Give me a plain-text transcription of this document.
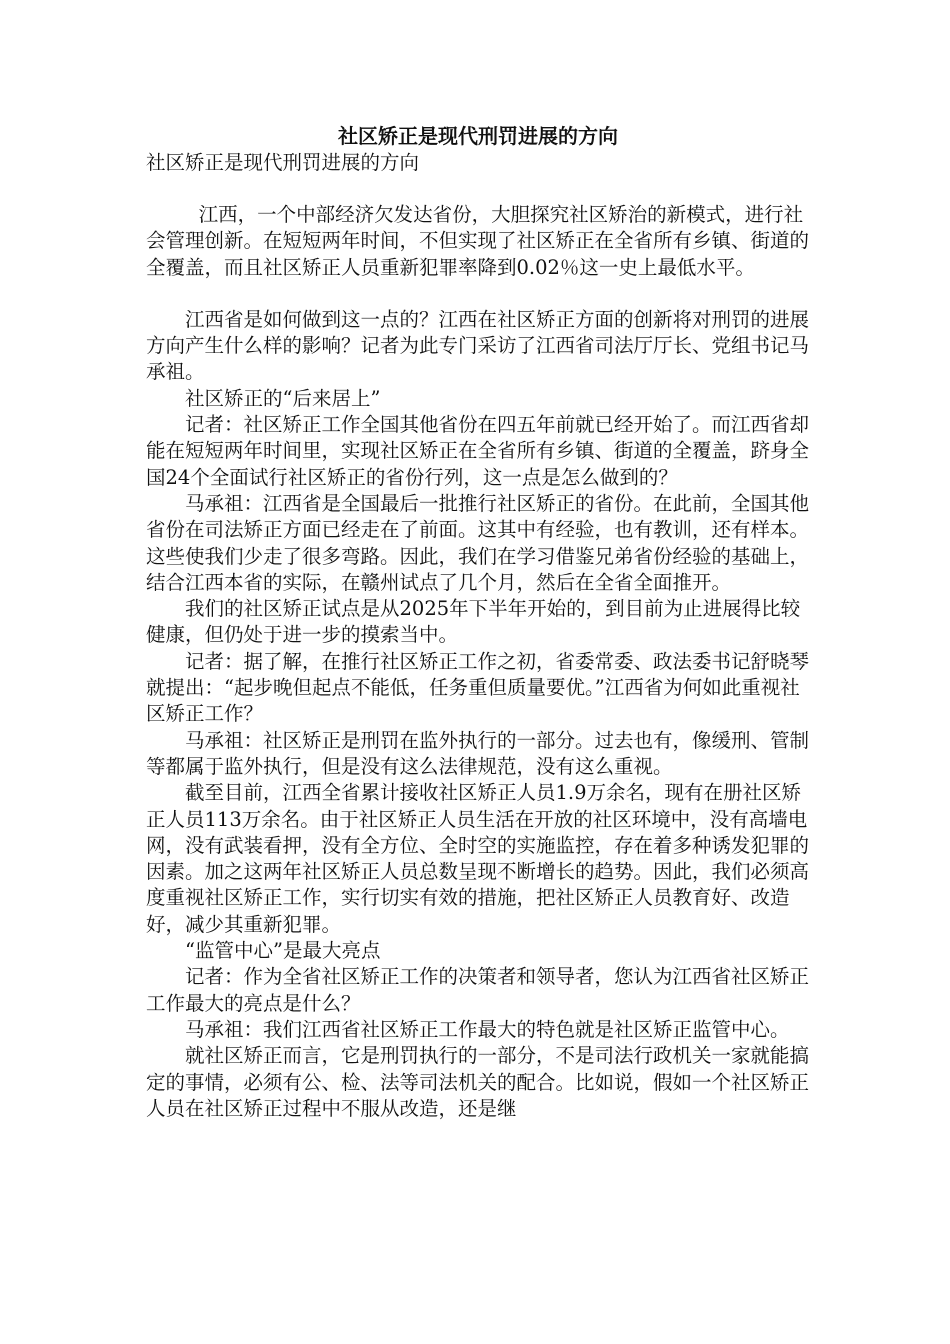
社区矫正是现代刑罚进展的方向
社区矫正是现代刑罚进展的方向

江西，一个中部经济欠发达省份，大胆探究社区矫治的新模式，进行社会管理创新。在短短两年时间，不但实现了社区矫正在全省所有乡镇、街道的全覆盖，而且社区矫正人员重新犯罪率降到0.02％这一史上最低水平。

江西省是如何做到这一点的？江西在社区矫正方面的创新将对刑罚的进展方向产生什么样的影响？记者为此专门采访了江西省司法厅厅长、党组书记马承祖。

社区矫正的“后来居上”

记者：社区矫正工作全国其他省份在四五年前就已经开始了。而江西省却能在短短两年时间里，实现社区矫正在全省所有乡镇、街道的全覆盖，跻身全国24个全面试行社区矫正的省份行列，这一点是怎么做到的？

马承祖：江西省是全国最后一批推行社区矫正的省份。在此前，全国其他省份在司法矫正方面已经走在了前面。这其中有经验，也有教训，还有样本。这些使我们少走了很多弯路。因此，我们在学习借鉴兄弟省份经验的基础上，结合江西本省的实际，在赣州试点了几个月，然后在全省全面推开。

我们的社区矫正试点是从2025年下半年开始的，到目前为止进展得比较健康，但仍处于进一步的摸索当中。

记者：据了解，在推行社区矫正工作之初，省委常委、政法委书记舒晓琴就提出：“起步晚但起点不能低，任务重但质量要优。”江西省为何如此重视社区矫正工作？

马承祖：社区矫正是刑罚在监外执行的一部分。过去也有，像缓刑、管制等都属于监外执行，但是没有这么法律规范，没有这么重视。

截至目前，江西全省累计接收社区矫正人员1.9万余名，现有在册社区矫正人员113万余名。由于社区矫正人员生活在开放的社区环境中，没有高墙电网，没有武装看押，没有全方位、全时空的实施监控，存在着多种诱发犯罪的因素。加之这两年社区矫正人员总数呈现不断增长的趋势。因此，我们必须高度重视社区矫正工作，实行切实有效的措施，把社区矫正人员教育好、改造好，减少其重新犯罪。

“监管中心”是最大亮点

记者：作为全省社区矫正工作的决策者和领导者，您认为江西省社区矫正工作最大的亮点是什么？

马承祖：我们江西省社区矫正工作最大的特色就是社区矫正监管中心。

就社区矫正而言，它是刑罚执行的一部分，不是司法行政机关一家就能搞定的事情，必须有公、检、法等司法机关的配合。比如说，假如一个社区矫正人员在社区矫正过程中不服从改造，还是继
